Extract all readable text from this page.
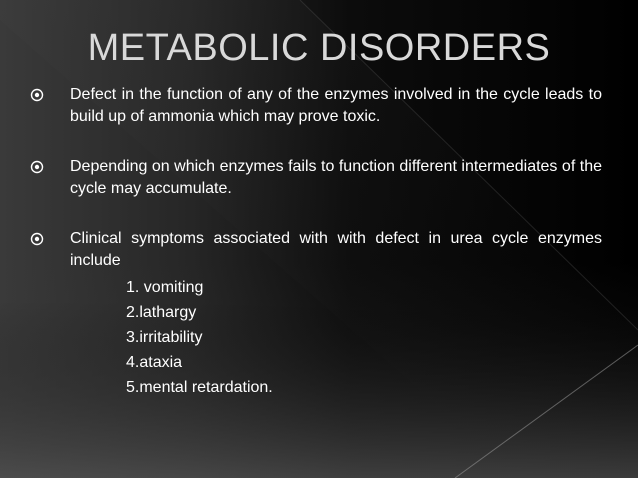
METABOLIC DISORDERS
Defect in the function of any of the enzymes involved in the cycle leads to build up of ammonia which may prove toxic.
Depending on which enzymes fails to function different intermediates of the cycle may accumulate.
Clinical symptoms associated with with defect in urea cycle enzymes include
1. vomiting
2.lathargy
3.irritability
4.ataxia
5.mental retardation.
